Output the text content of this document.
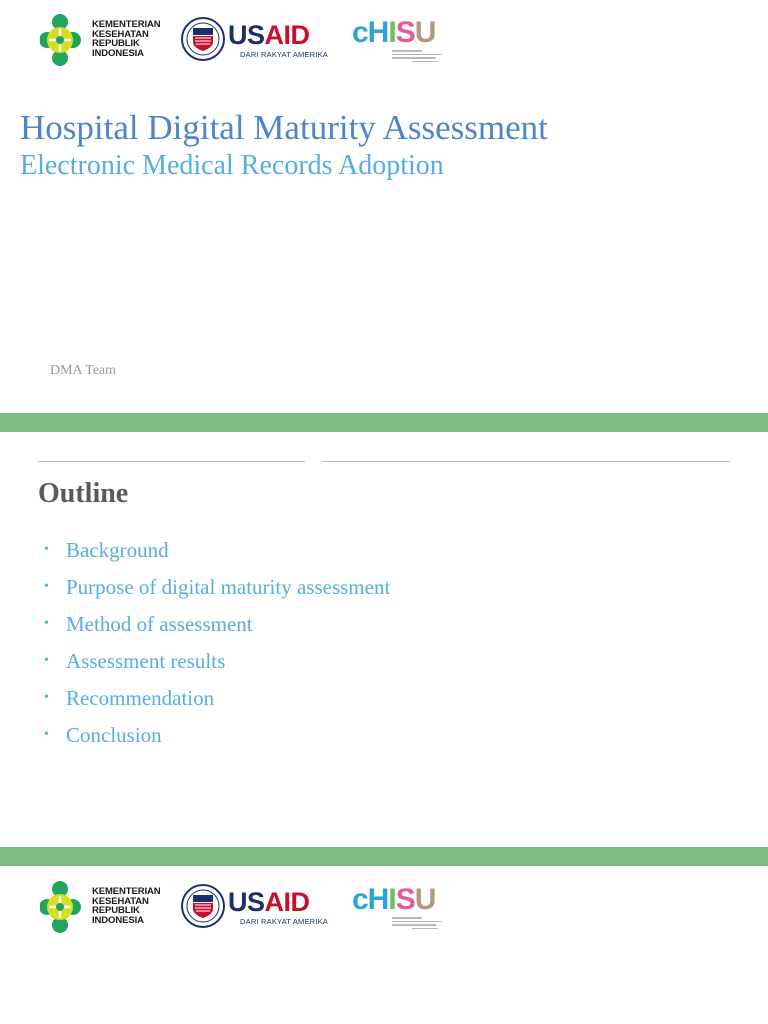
KEMENTERIAN
KESEHATAN
REPUBLIK
INDONESIA
USAID
DARI RAKYAT AMERIKA
cHISU
Hospital Digital Maturity Assessment
Electronic Medical Records Adoption
DMA Team
Outline
• Background
• Purpose of digital maturity assessment
• Method of assessment
• Assessment results
• Recommendation
• Conclusion
KEMENTERIAN
KESEHATAN
REPUBLIK
INDONESIA
USAID
DARI RAKYAT AMERIKA
cHISU
